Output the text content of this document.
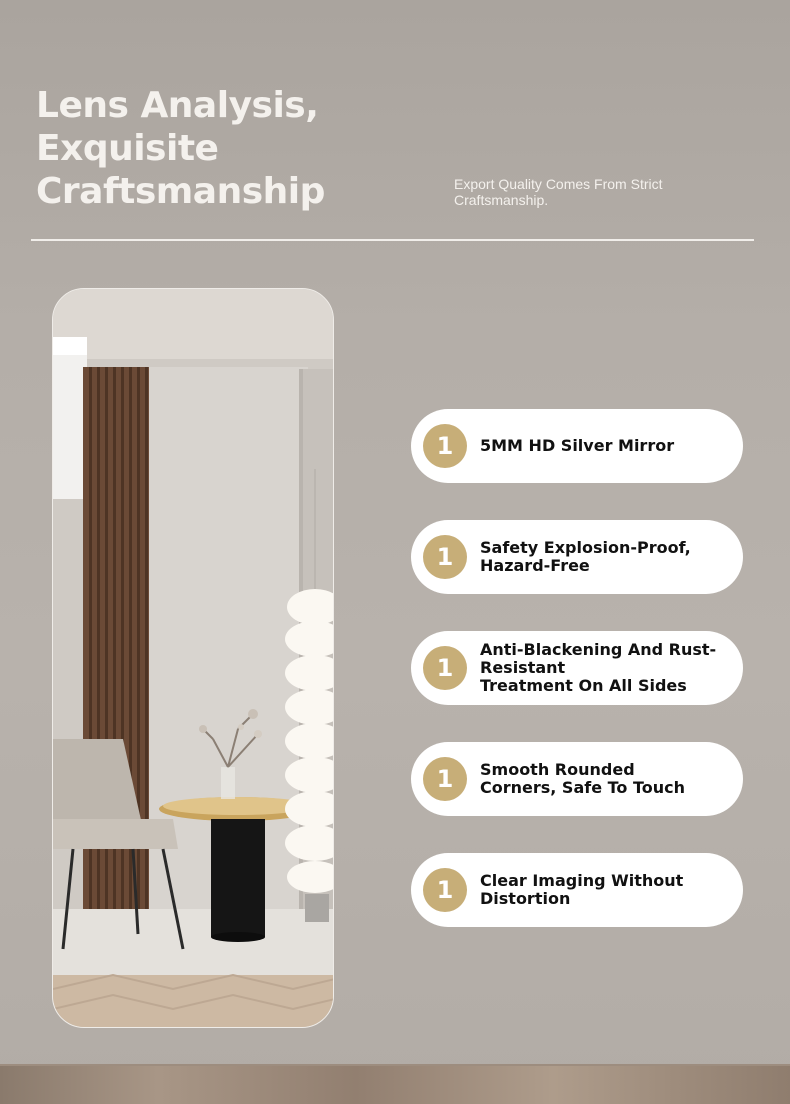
Lens Analysis,
Exquisite
Craftsmanship	Export Quality Comes From Strict Craftsmanship.
1	5MM HD Silver Mirror
1	Safety Explosion-Proof,
Hazard-Free
1
Anti-Blackening And Rust-Resistant
Treatment On All Sides
1	Smooth Rounded
Corners, Safe To Touch
1	Clear Imaging Without
Distortion
